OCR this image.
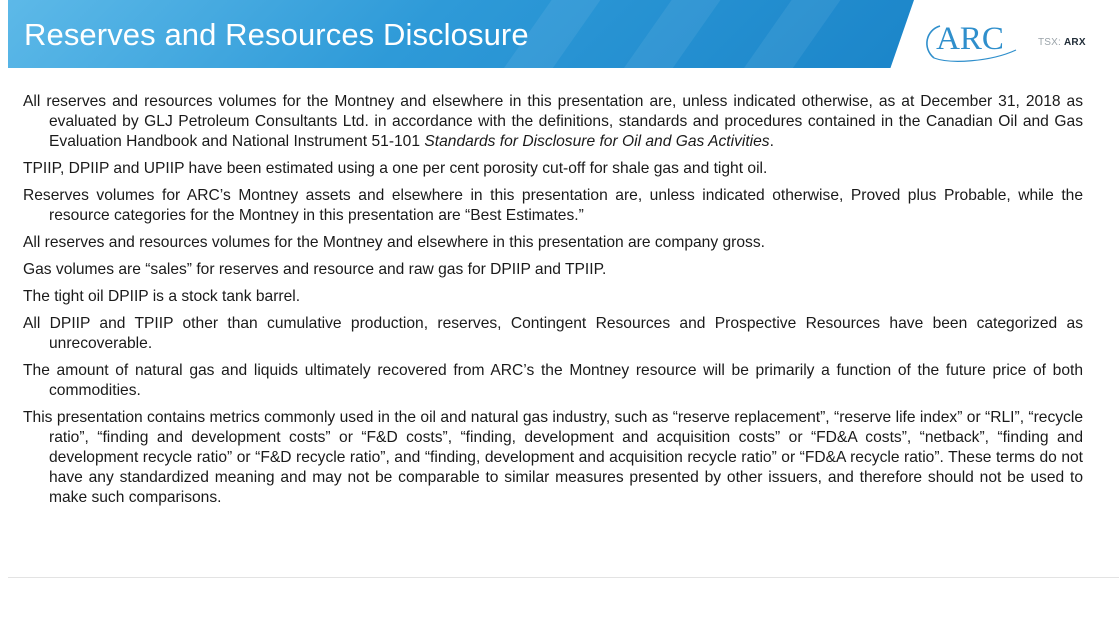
Reserves and Resources Disclosure	ARC	TSX: ARX

All reserves and resources volumes for the Montney and elsewhere in this presentation are, unless indicated otherwise, as at December 31, 2018 as evaluated by GLJ Petroleum Consultants Ltd. in accordance with the definitions, standards and procedures contained in the Canadian Oil and Gas Evaluation Handbook and National Instrument 51-101 Standards for Disclosure for Oil and Gas Activities.

TPIIP, DPIIP and UPIIP have been estimated using a one per cent porosity cut-off for shale gas and tight oil.

Reserves volumes for ARC’s Montney assets and elsewhere in this presentation are, unless indicated otherwise, Proved plus Probable, while the resource categories for the Montney in this presentation are “Best Estimates.”

All reserves and resources volumes for the Montney and elsewhere in this presentation are company gross.

Gas volumes are “sales” for reserves and resource and raw gas for DPIIP and TPIIP.

The tight oil DPIIP is a stock tank barrel.

All DPIIP and TPIIP other than cumulative production, reserves, Contingent Resources and Prospective Resources have been categorized as unrecoverable.

The amount of natural gas and liquids ultimately recovered from ARC’s the Montney resource will be primarily a function of the future price of both commodities.

This presentation contains metrics commonly used in the oil and natural gas industry, such as “reserve replacement”, “reserve life index” or “RLI”, “recycle ratio”, “finding and development costs” or “F&D costs”, “finding, development and acquisition costs” or “FD&A costs”, “netback”, “finding and development recycle ratio” or “F&D recycle ratio”, and “finding, development and acquisition recycle ratio” or “FD&A recycle ratio”. These terms do not have any standardized meaning and may not be comparable to similar measures presented by other issuers, and therefore should not be used to make such comparisons.
